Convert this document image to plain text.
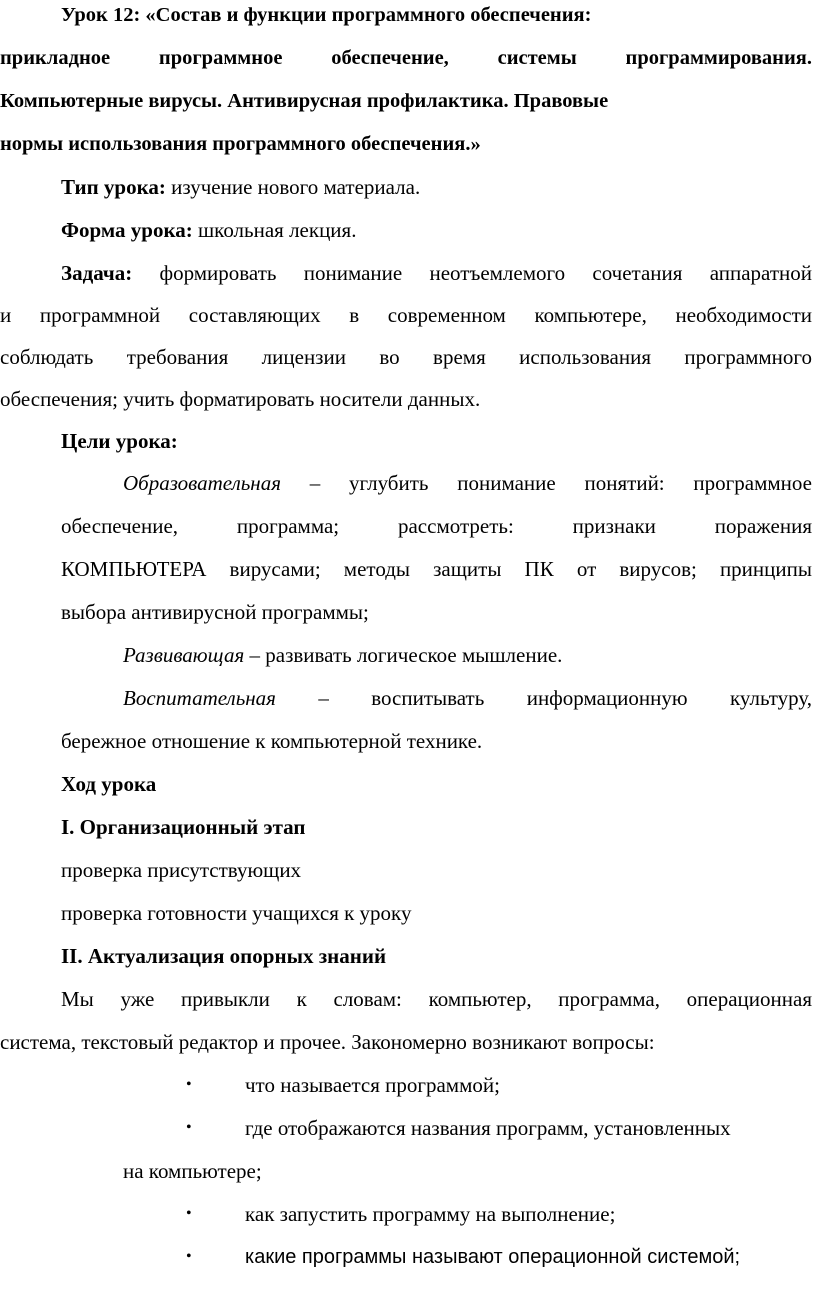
Урок 12: «Состав и функции программного обеспечения:
прикладное программное обеспечение, системы программирования.
Компьютерные вирусы. Антивирусная профилактика. Правовые
нормы использования программного обеспечения.»
Тип урока: изучение нового материала.
Форма урока: школьная лекция.
Задача: формировать понимание неотъемлемого сочетания аппаратной
и программной составляющих в современном компьютере, необходимости
соблюдать требования лицензии во время использования программного
обеспечения; учить форматировать носители данных.
Цели урока:
Образовательная – углубить понимание понятий: программное
обеспечение, программа; рассмотреть: признаки поражения
КОМПЬЮТЕРА вирусами; методы защиты ПК от вирусов; принципы
выбора антивирусной программы;
Развивающая – развивать логическое мышление.
Воспитательная – воспитывать информационную культуру,
бережное отношение к компьютерной технике.
Ход урока
I. Организационный этап
проверка присутствующих
проверка готовности учащихся к уроку
II. Актуализация опорных знаний
Мы уже привыкли к словам: компьютер, программа, операционная
система, текстовый редактор и прочее. Закономерно возникают вопросы:
•	что называется программой;
•	где отображаются названия программ, установленных
на компьютере;
•	как запустить программу на выполнение;
•	какие программы называют операционной системой;
